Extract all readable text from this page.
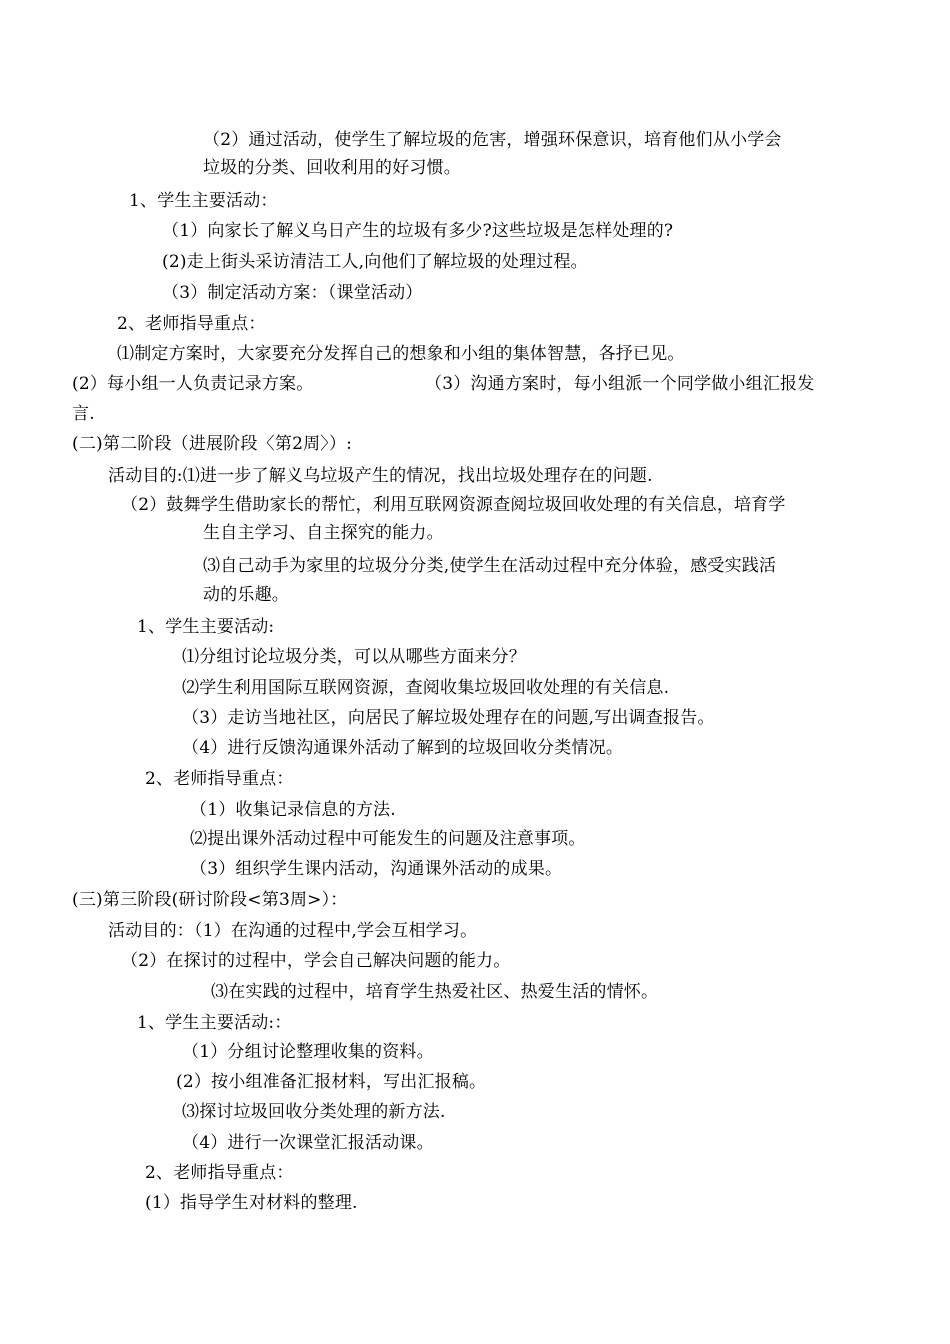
（2）通过活动，使学生了解垃圾的危害，增强环保意识，培育他们从小学会
垃圾的分类、回收利用的好习惯。
1、学生主要活动：
（1）向家长了解义乌日产生的垃圾有多少?这些垃圾是怎样处理的?
(2)走上街头采访清洁工人,向他们了解垃圾的处理过程。
（3）制定活动方案：（课堂活动）
2、老师指导重点：
⑴制定方案时，大家要充分发挥自己的想象和小组的集体智慧，各抒已见。
(2）每小组一人负责记录方案。	（3）沟通方案时，每小组派一个同学做小组汇报发
言.
(二)第二阶段（进展阶段〈第2周〉）:
活动目的:⑴进一步了解义乌垃圾产生的情况，找出垃圾处理存在的问题.
（2）鼓舞学生借助家长的帮忙，利用互联网资源查阅垃圾回收处理的有关信息，培育学
生自主学习、自主探究的能力。
⑶自己动手为家里的垃圾分分类,使学生在活动过程中充分体验，感受实践活
动的乐趣。
1、学生主要活动:
⑴分组讨论垃圾分类，可以从哪些方面来分？
⑵学生利用国际互联网资源，查阅收集垃圾回收处理的有关信息.
（3）走访当地社区，向居民了解垃圾处理存在的问题,写出调查报告。
（4）进行反馈沟通课外活动了解到的垃圾回收分类情况。
2、老师指导重点：
（1）收集记录信息的方法.
⑵提出课外活动过程中可能发生的问题及注意事项。
（3）组织学生课内活动，沟通课外活动的成果。
(三)第三阶段(研讨阶段<第3周>）：
活动目的：（1）在沟通的过程中,学会互相学习。
（2）在探讨的过程中，学会自己解决问题的能力。
⑶在实践的过程中，培育学生热爱社区、热爱生活的情怀。
1、学生主要活动:：
（1）分组讨论整理收集的资料。
(2）按小组准备汇报材料，写出汇报稿。
⑶探讨垃圾回收分类处理的新方法.
（4）进行一次课堂汇报活动课。
2、老师指导重点：
(1）指导学生对材料的整理.
